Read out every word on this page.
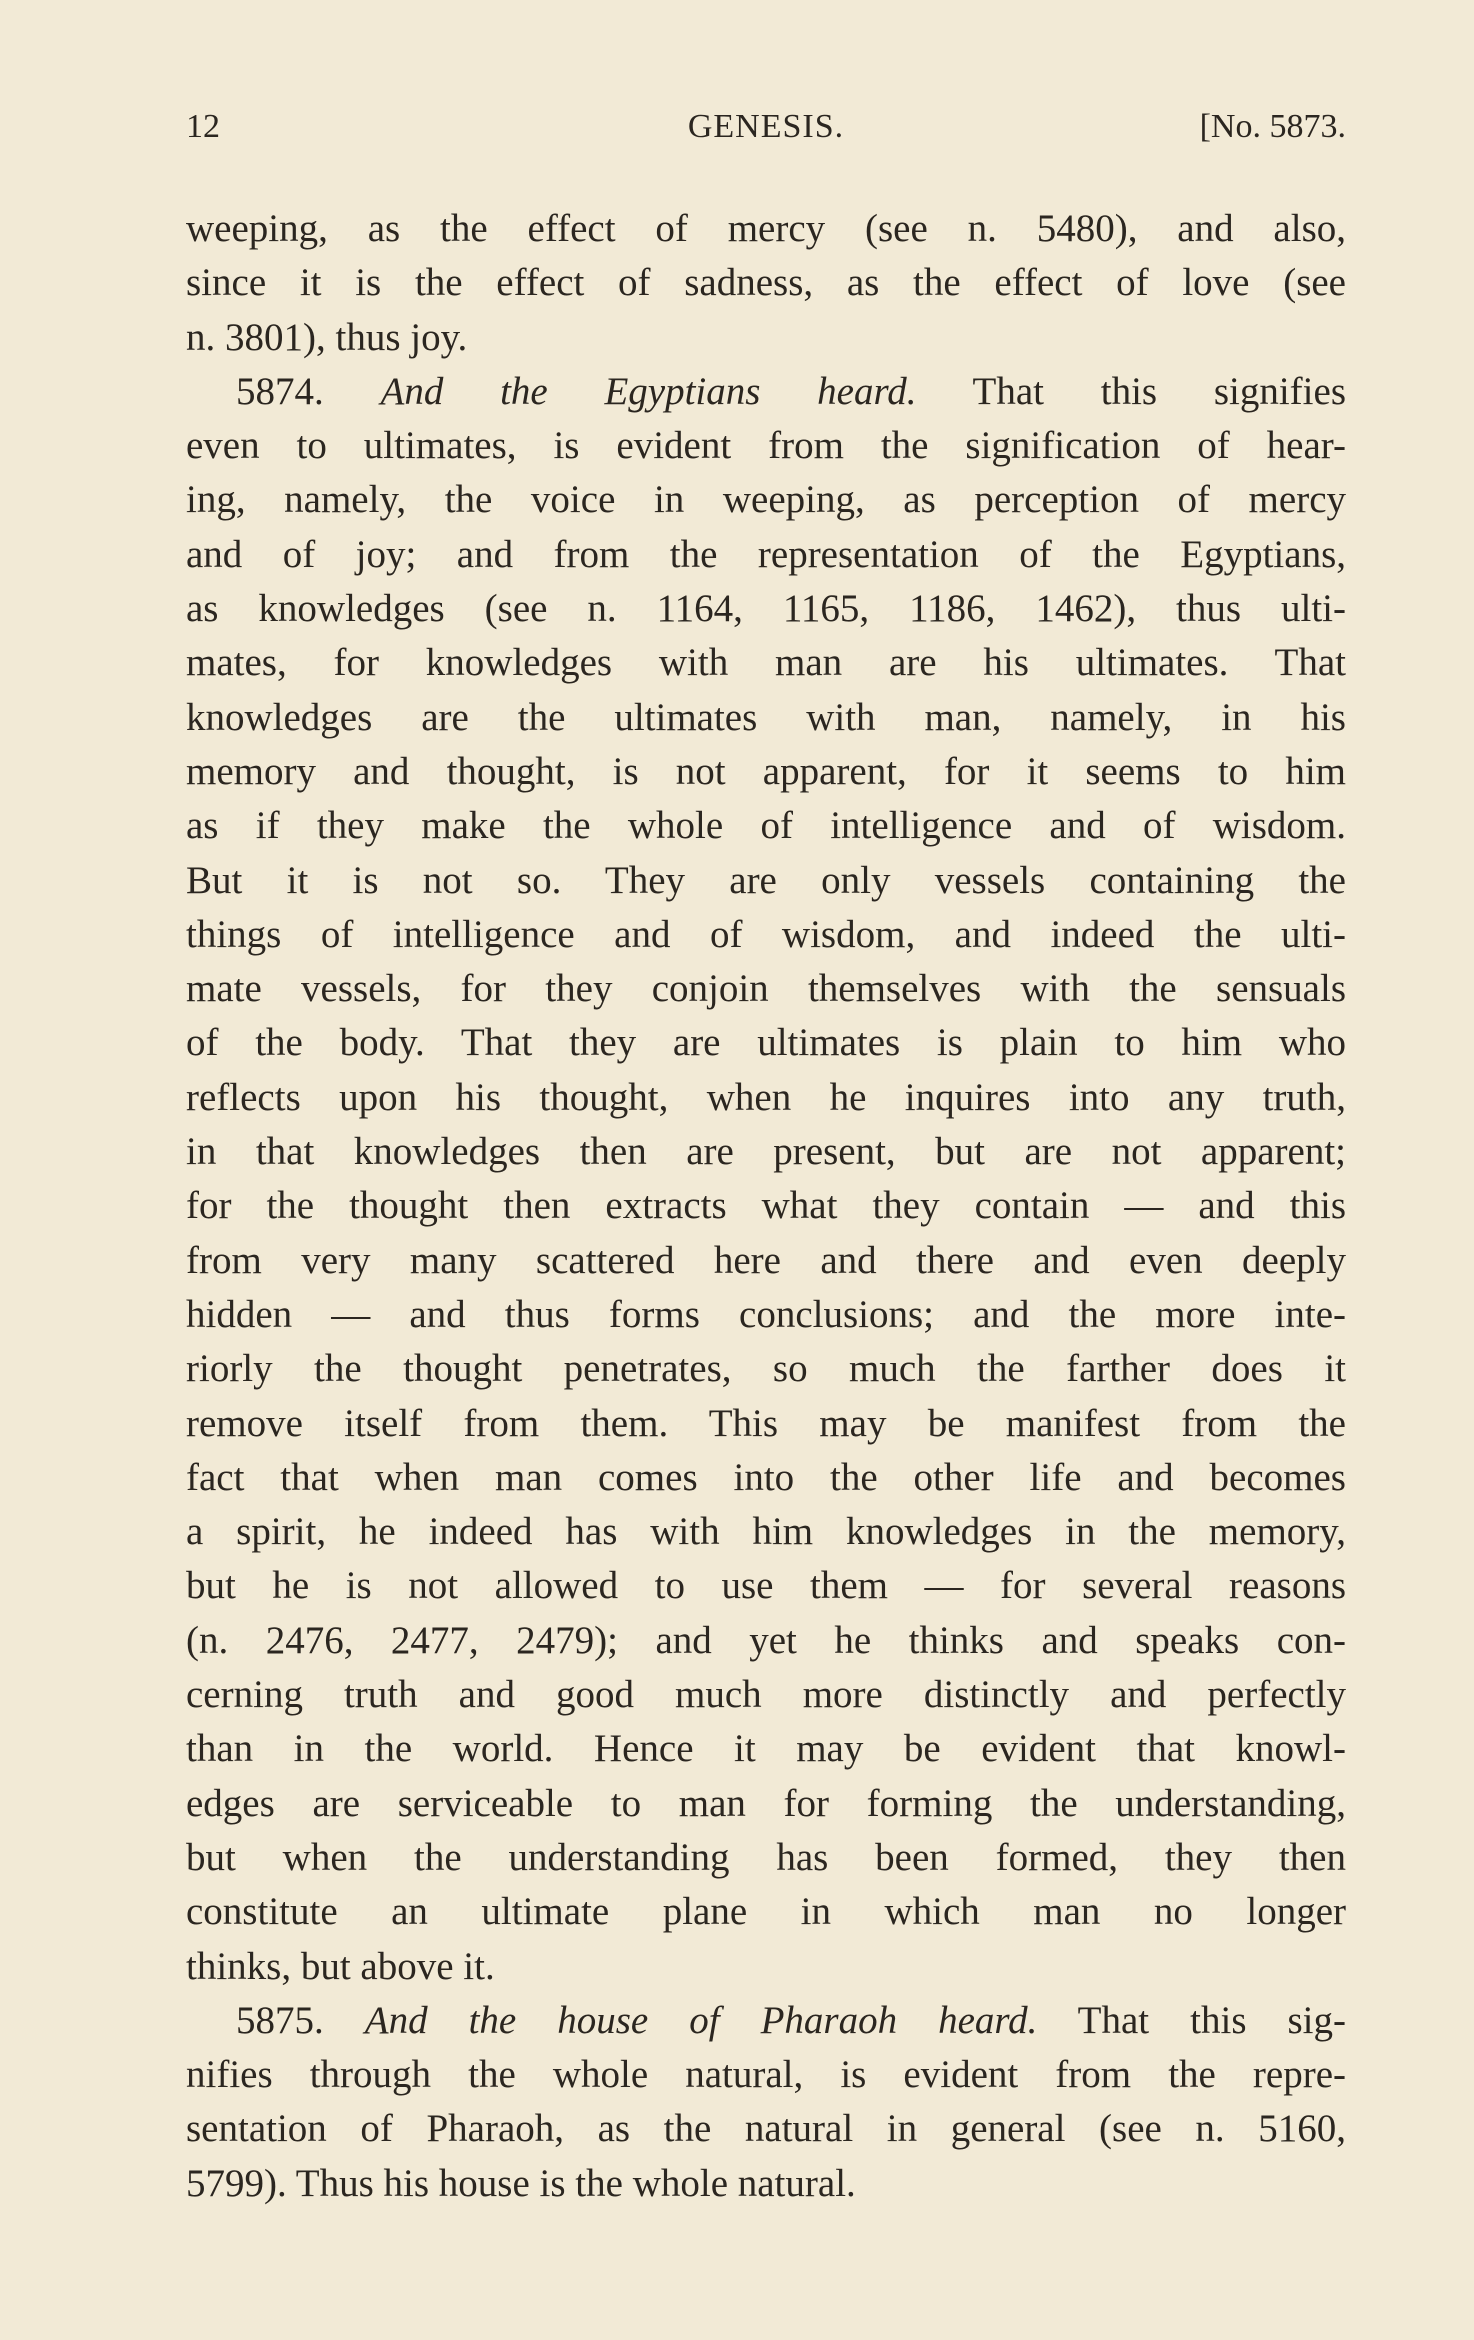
12	GENESIS.	[No. 5873.
weeping, as the effect of mercy (see n. 5480), and also,
since it is the effect of sadness, as the effect of love (see
n. 3801), thus joy.
5874. And the Egyptians heard. That this signifies
even to ultimates, is evident from the signification of hear-
ing, namely, the voice in weeping, as perception of mercy
and of joy; and from the representation of the Egyptians,
as knowledges (see n. 1164, 1165, 1186, 1462), thus ulti-
mates, for knowledges with man are his ultimates. That
knowledges are the ultimates with man, namely, in his
memory and thought, is not apparent, for it seems to him
as if they make the whole of intelligence and of wisdom.
But it is not so. They are only vessels containing the
things of intelligence and of wisdom, and indeed the ulti-
mate vessels, for they conjoin themselves with the sensuals
of the body. That they are ultimates is plain to him who
reflects upon his thought, when he inquires into any truth,
in that knowledges then are present, but are not apparent;
for the thought then extracts what they contain — and this
from very many scattered here and there and even deeply
hidden — and thus forms conclusions; and the more inte-
riorly the thought penetrates, so much the farther does it
remove itself from them. This may be manifest from the
fact that when man comes into the other life and becomes
a spirit, he indeed has with him knowledges in the memory,
but he is not allowed to use them — for several reasons
(n. 2476, 2477, 2479); and yet he thinks and speaks con-
cerning truth and good much more distinctly and perfectly
than in the world. Hence it may be evident that knowl-
edges are serviceable to man for forming the understanding,
but when the understanding has been formed, they then
constitute an ultimate plane in which man no longer
thinks, but above it.
5875. And the house of Pharaoh heard. That this sig-
nifies through the whole natural, is evident from the repre-
sentation of Pharaoh, as the natural in general (see n. 5160,
5799). Thus his house is the whole natural.
